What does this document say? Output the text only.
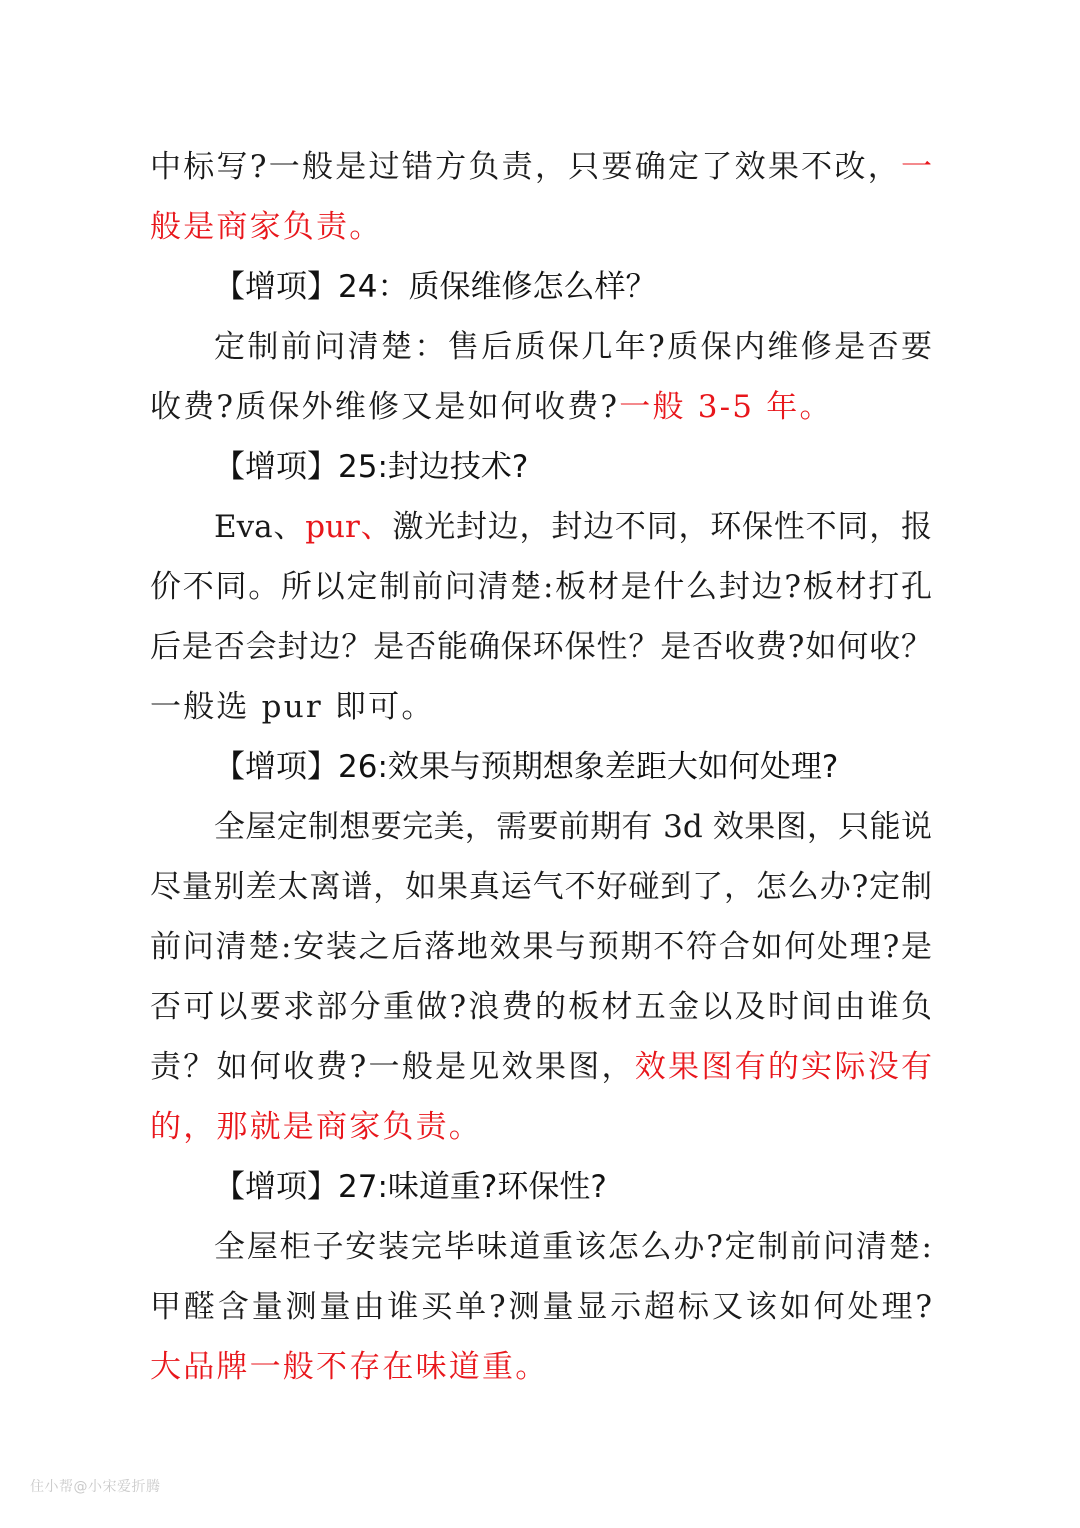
中标写?一般是过错方负责，只要确定了效果不改，一
般是商家负责。
【增项】24：质保维修怎么样？
定制前问清楚：售后质保几年?质保内维修是否要
收费?质保外维修又是如何收费?一般 3-5 年。
【增项】25:封边技术?
Eva、pur、激光封边，封边不同，环保性不同，报
价不同。所以定制前问清楚:板材是什么封边?板材打孔
后是否会封边？是否能确保环保性？是否收费?如何收？
一般选 pur 即可。
【增项】26:效果与预期想象差距大如何处理?
全屋定制想要完美，需要前期有 3d 效果图，只能说
尽量别差太离谱，如果真运气不好碰到了，怎么办?定制
前问清楚:安装之后落地效果与预期不符合如何处理?是
否可以要求部分重做?浪费的板材五金以及时间由谁负
责？如何收费?一般是见效果图，效果图有的实际没有
的，那就是商家负责。
【增项】27:味道重?环保性?
全屋柜子安装完毕味道重该怎么办?定制前问清楚:
甲醛含量测量由谁买单?测量显示超标又该如何处理?
大品牌一般不存在味道重。
住小帮@小宋爱折腾
